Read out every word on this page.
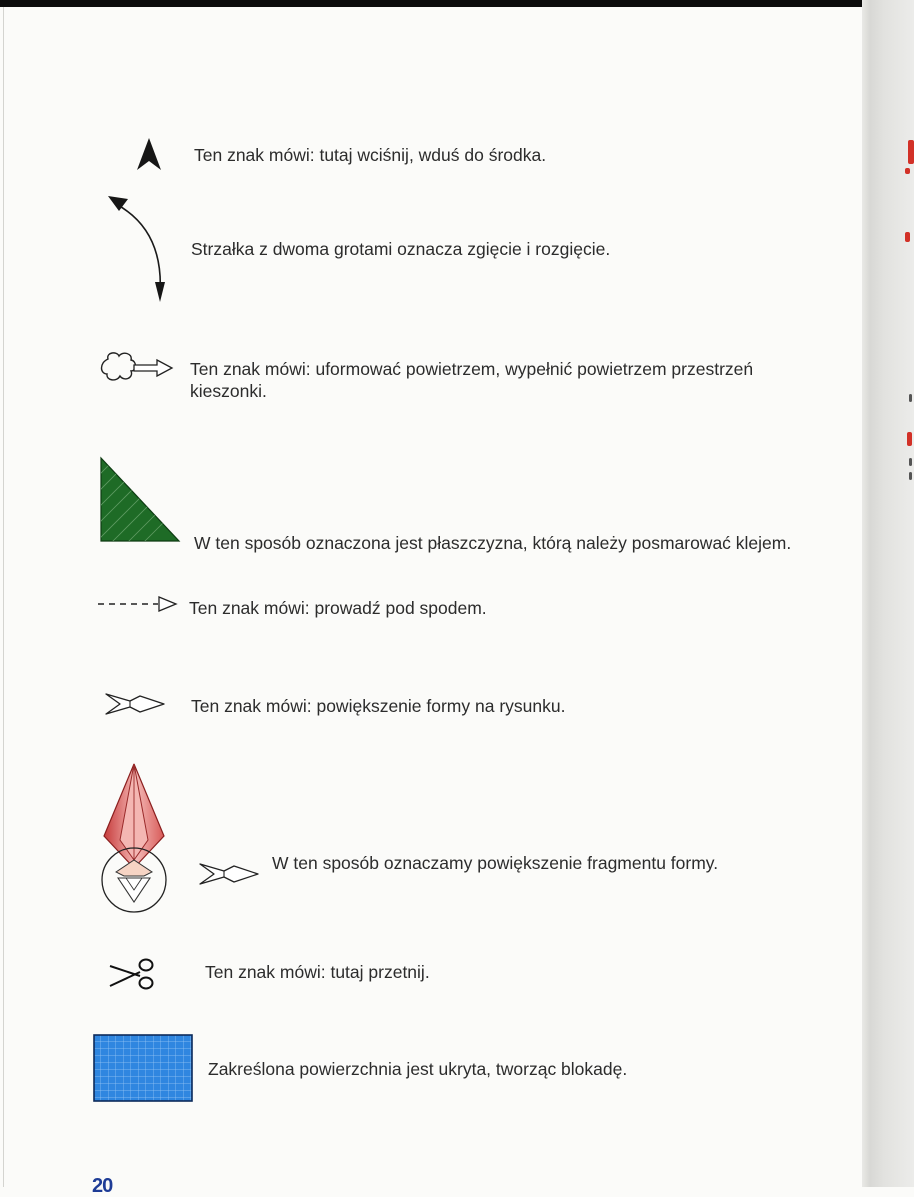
Ten znak mówi: tutaj wciśnij, wduś do środka.
Strzałka z dwoma grotami oznacza zgięcie i rozgięcie.
Ten znak mówi: uformować powietrzem, wypełnić powietrzem przestrzeń kieszonki.
W ten sposób oznaczona jest płaszczyzna, którą należy posmarować klejem.
Ten znak mówi: prowadź pod spodem.
Ten znak mówi: powiększenie formy na rysunku.
W ten sposób oznaczamy powiększenie fragmentu formy.
Ten znak mówi: tutaj przetnij.
Zakreślona powierzchnia jest ukryta, tworząc blokadę.
20
